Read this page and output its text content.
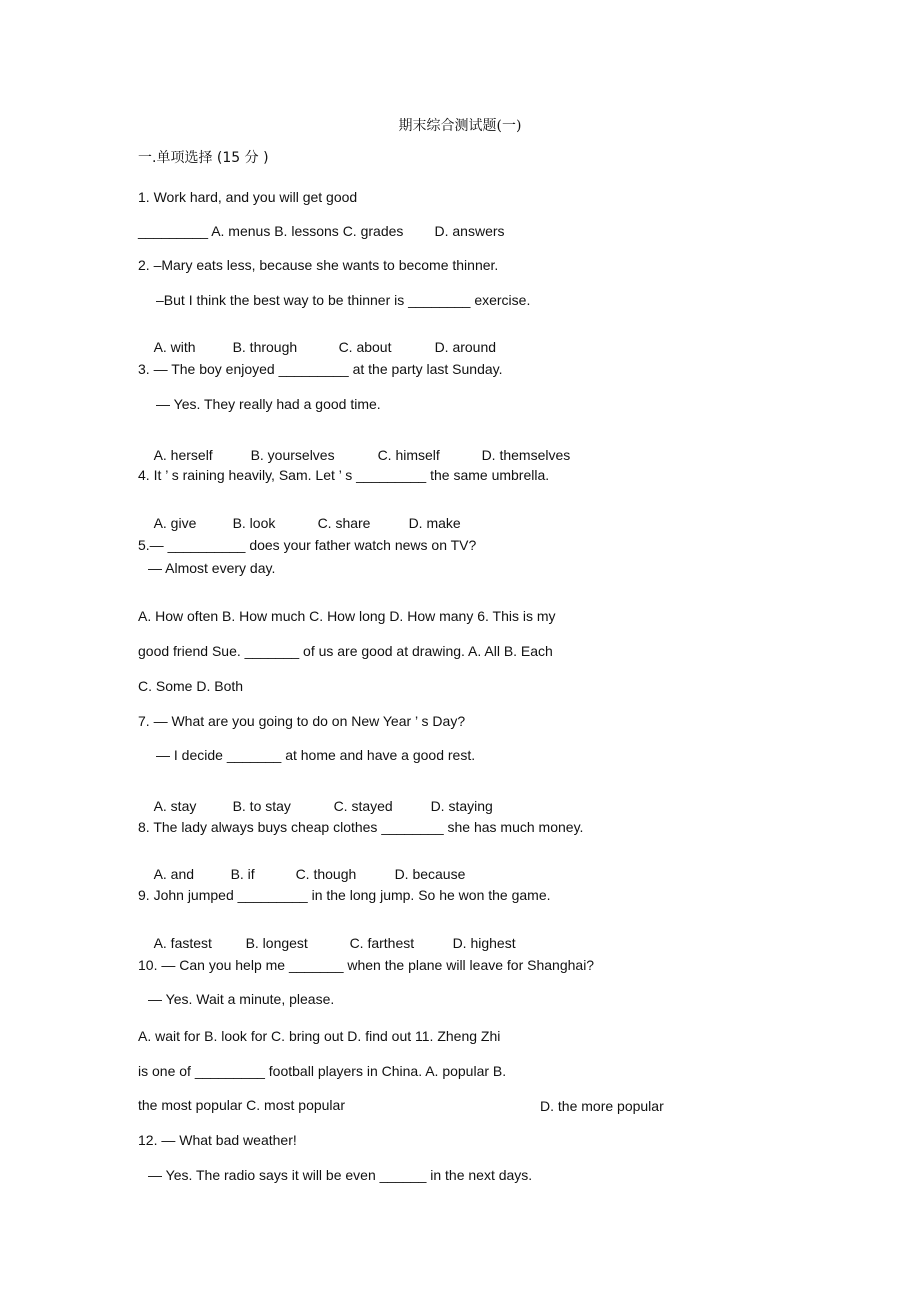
期末综合测试题(一)
一.单项选择 (15 分 )
1. Work hard, and you will get good
_________ A. menus B. lessons C. grades        D. answers
2. –Mary eats less, because she wants to become thinner.
–But I think the best way to be thinner is ________ exercise.

A. with	B. through	C. about	D. around

3. — The boy enjoyed _________ at the party last Sunday.
— Yes. They really had a good time.

A. herself	B. yourselves	C. himself	D. themselves

4. It ’ s raining heavily, Sam. Let ’ s _________ the same umbrella.

A. give	B. look	C. share	D. make

5.— __________ does your father watch news on TV?
— Almost every day.
A. How often B. How much C. How long D. How many 6. This is my
good friend Sue. _______ of us are good at drawing. A. All B. Each
C. Some D. Both
7. — What are you going to do on New Year ’ s Day?
— I decide _______ at home and have a good rest.

A. stay	B. to stay	C. stayed	D. staying

8. The lady always buys cheap clothes ________ she has much money.

A. and	B. if	C. though	D. because

9. John jumped _________ in the long jump. So he won the game.

A. fastest B. longest	C. farthest	D. highest

10. — Can you help me _______ when the plane will leave for Shanghai?
— Yes. Wait a minute, please.
A. wait for B. look for C. bring out D. find out 11. Zheng Zhi
is one of _________ football players in China. A. popular B.
the most popular C. most popular	D. the more popular
12. — What bad weather!
— Yes. The radio says it will be even ______ in the next days.
